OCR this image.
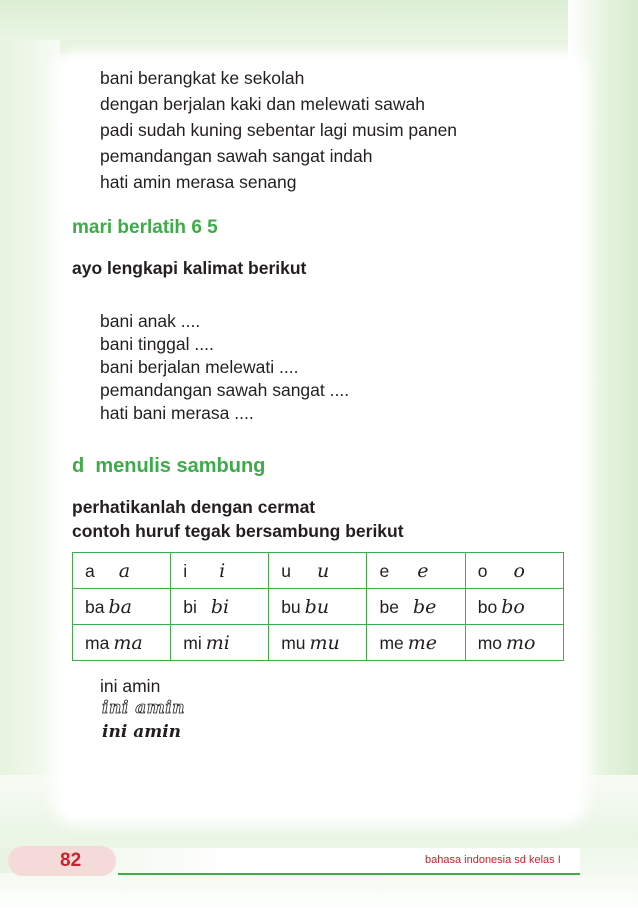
bani berangkat ke sekolah
dengan berjalan kaki dan melewati sawah
padi sudah kuning sebentar lagi musim panen
pemandangan sawah sangat indah
hati amin merasa senang
mari berlatih 6 5
ayo lengkapi kalimat berikut
bani anak ....
bani tinggal ....
bani berjalan melewati ....
pemandangan sawah sangat ....
hati bani merasa ....
d menulis sambung
perhatikanlah dengan cermat
contoh huruf tegak bersambung berikut
a a	i i	u u	e e	o o
ba ba	bi bi	bu bu	be be	bo bo
ma ma	mi mi	mu mu	me me	mo mo
ini amin
ini amin
ini amin
82	bahasa indonesia sd kelas I
